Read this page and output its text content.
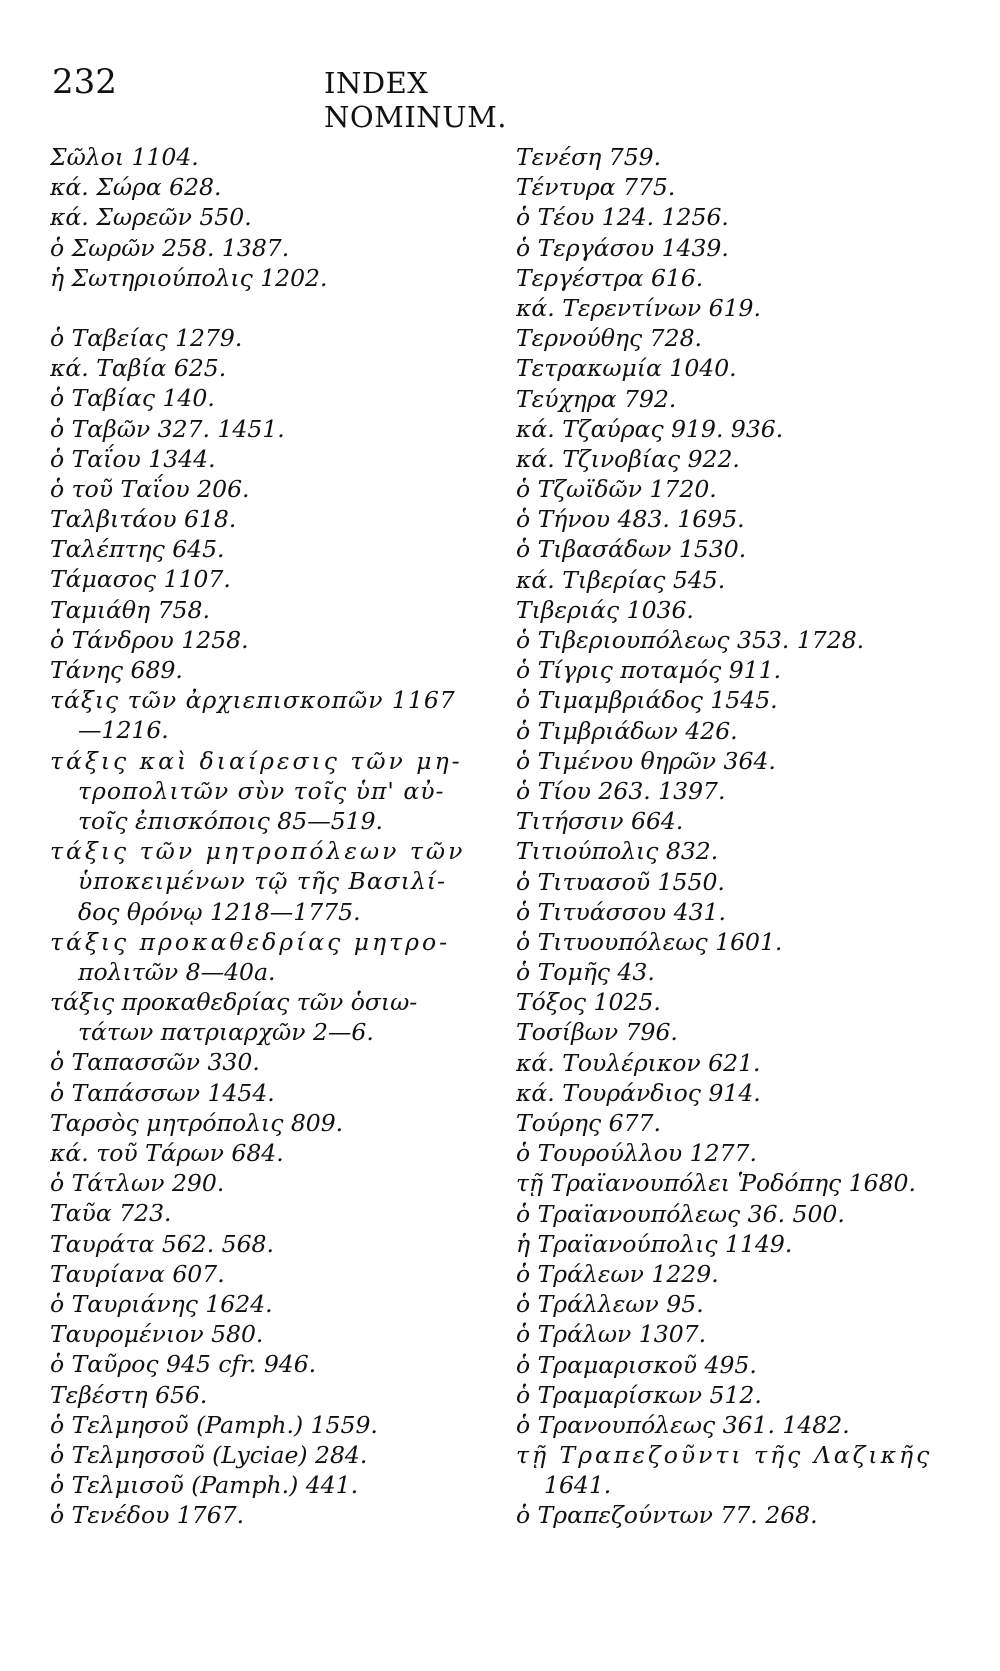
232	INDEX NOMINUM.
Σῶλοι 1104.
κά. Σώρα 628.
κά. Σωρεῶν 550.
ὁ Σωρῶν 258. 1387.
ἡ Σωτηριούπολις 1202.
ὁ Ταβείας 1279.
κά. Ταβία 625.
ὁ Ταβίας 140.
ὁ Ταβῶν 327. 1451.
ὁ Ταΐου 1344.
ὁ τοῦ Ταΐου 206.
Ταλβιτάου 618.
Ταλέπτης 645.
Τάμασος 1107.
Ταμιάθη 758.
ὁ Τάνδρου 1258.
Τάνης 689.
τάξις τῶν ἀρχιεπισκοπῶν 1167
—1216.
τάξις καὶ διαίρεσις τῶν μη-
τροπολιτῶν σὺν τοῖς ὑπ' αὐ-
τοῖς ἐπισκόποις 85—519.
τάξις τῶν μητροπόλεων τῶν
ὑποκειμένων τῷ τῆς Βασιλί-
δος θρόνῳ 1218—1775.
τάξις προκαθεδρίας μητρο-
πολιτῶν 8—40a.
τάξις προκαθεδρίας τῶν ὁσιω-
τάτων πατριαρχῶν 2—6.
ὁ Ταπασσῶν 330.
ὁ Ταπάσσων 1454.
Ταρσὸς μητρόπολις 809.
κά. τοῦ Τάρων 684.
ὁ Τάτλων 290.
Ταῦα 723.
Ταυράτα 562. 568.
Ταυρίανα 607.
ὁ Ταυριάνης 1624.
Ταυρομένιον 580.
ὁ Ταῦρος 945 cfr. 946.
Τεβέστη 656.
ὁ Τελμησοῦ (Pamph.) 1559.
ὁ Τελμησσοῦ (Lyciae) 284.
ὁ Τελμισοῦ (Pamph.) 441.
ὁ Τενέδου 1767.
Τενέση 759.
Τέντυρα 775.
ὁ Τέου 124. 1256.
ὁ Τεργάσου 1439.
Τεργέστρα 616.
κά. Τερεντίνων 619.
Τερνούθης 728.
Τετρακωμία 1040.
Τεύχηρα 792.
κά. Τζαύρας 919. 936.
κά. Τζινοβίας 922.
ὁ Τζωϊδῶν 1720.
ὁ Τήνου 483. 1695.
ὁ Τιβασάδων 1530.
κά. Τιβερίας 545.
Τιβεριάς 1036.
ὁ Τιβεριουπόλεως 353. 1728.
ὁ Τίγρις ποταμός 911.
ὁ Τιμαμβριάδος 1545.
ὁ Τιμβριάδων 426.
ὁ Τιμένου θηρῶν 364.
ὁ Τίου 263. 1397.
Τιτήσσιν 664.
Τιτιούπολις 832.
ὁ Τιτυασοῦ 1550.
ὁ Τιτυάσσου 431.
ὁ Τιτυουπόλεως 1601.
ὁ Τομῆς 43.
Τόξος 1025.
Τοσίβων 796.
κά. Τουλέρικον 621.
κά. Τουράνδιος 914.
Τούρης 677.
ὁ Τουρούλλου 1277.
τῇ Τραϊανουπόλει Ῥοδόπης 1680.
ὁ Τραϊανουπόλεως 36. 500.
ἡ Τραϊανούπολις 1149.
ὁ Τράλεων 1229.
ὁ Τράλλεων 95.
ὁ Τράλων 1307.
ὁ Τραμαρισκοῦ 495.
ὁ Τραμαρίσκων 512.
ὁ Τρανουπόλεως 361. 1482.
τῇ Τραπεζοῦντι τῆς Λαζικῆς
1641.
ὁ Τραπεζούντων 77. 268.
